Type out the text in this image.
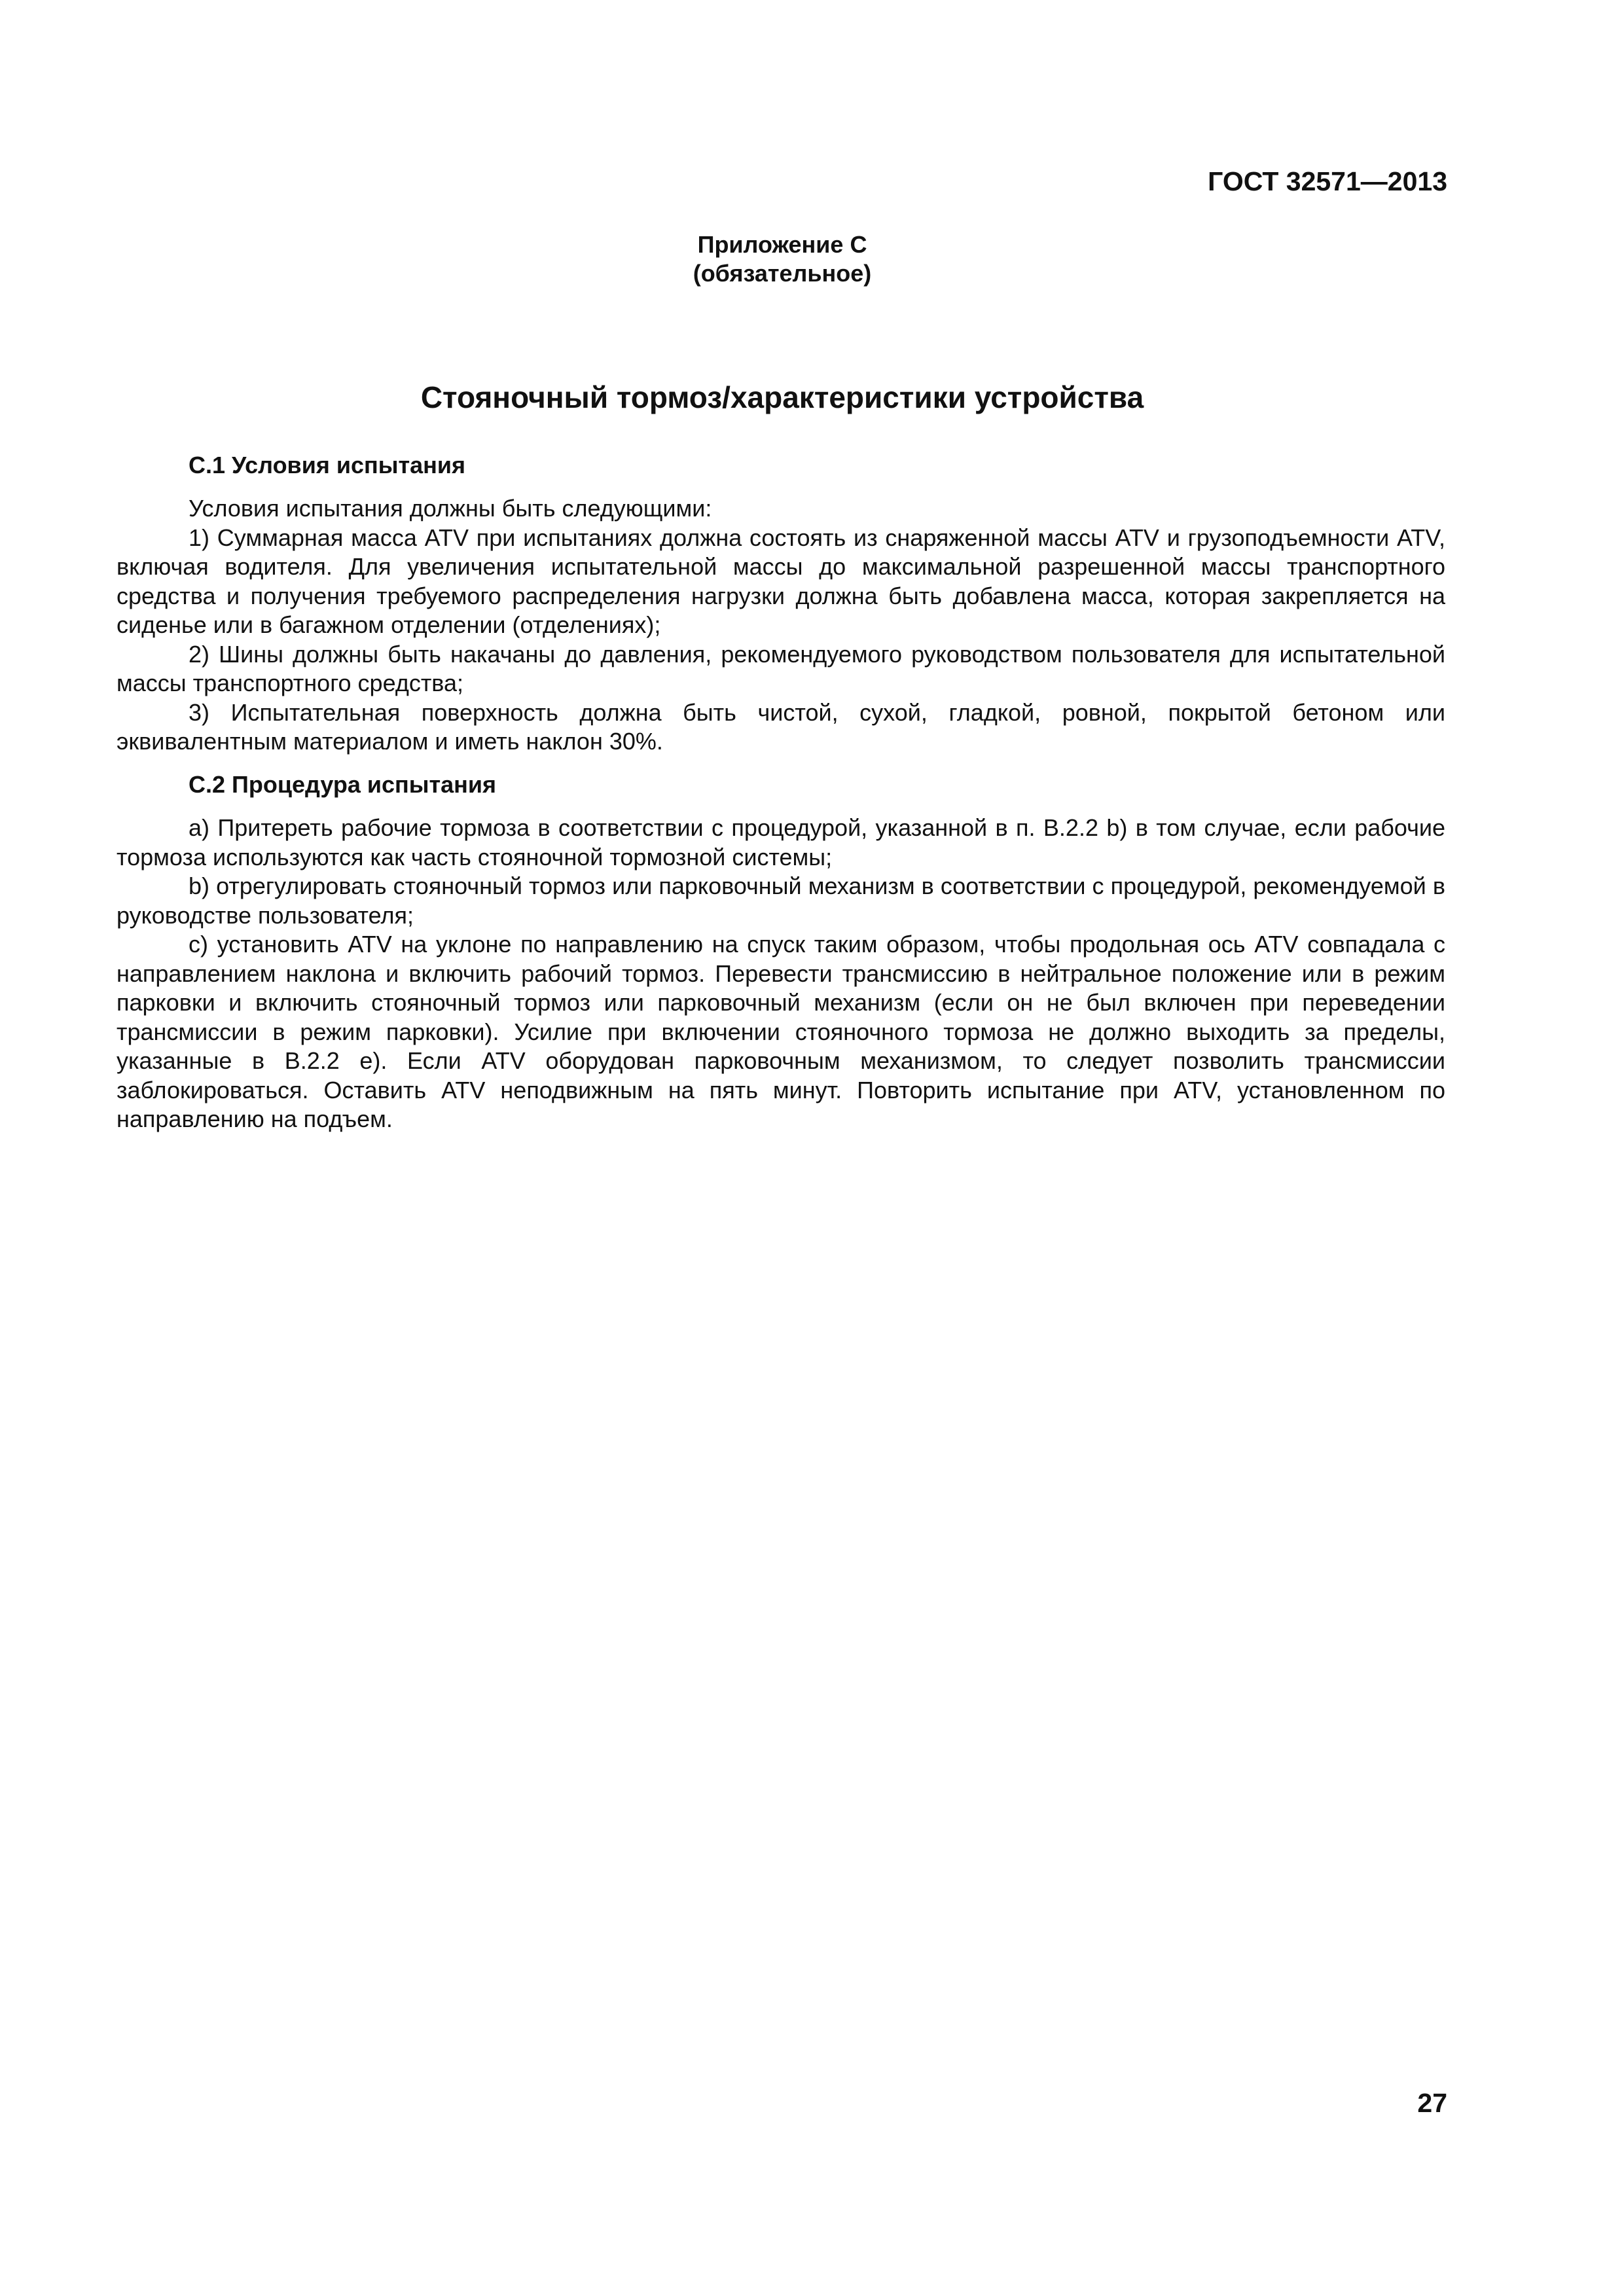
ГОСТ 32571—2013
Приложение С
(обязательное)
Стояночный тормоз/характеристики устройства
С.1 Условия испытания

Условия испытания должны быть следующими:

1) Суммарная масса ATV при испытаниях должна состоять из снаряженной массы ATV и грузоподъемности ATV, включая водителя. Для увеличения испытательной массы до максимальной разрешенной массы транспортного средства и получения требуемого распределения нагрузки должна быть добавлена масса, которая закрепляется на сиденье или в багажном отделении (отделениях);

2) Шины должны быть накачаны до давления, рекомендуемого руководством пользователя для испытательной массы транспортного средства;

3) Испытательная поверхность должна быть чистой, сухой, гладкой, ровной, покрытой бетоном или эквивалентным материалом и иметь наклон 30%.

С.2 Процедура испытания

а) Притереть рабочие тормоза в соответствии с процедурой, указанной в п. В.2.2 b) в том случае, если рабочие тормоза используются как часть стояночной тормозной системы;

b) отрегулировать стояночный тормоз или парковочный механизм в соответствии с процедурой, рекомендуемой в руководстве пользователя;

с) установить ATV на уклоне по направлению на спуск таким образом, чтобы продольная ось ATV совпадала с направлением наклона и включить рабочий тормоз. Перевести трансмиссию в нейтральное положение или в режим парковки и включить стояночный тормоз или парковочный механизм (если он не был включен при переведении трансмиссии в режим парковки). Усилие при включении стояночного тормоза не должно выходить за пределы, указанные в В.2.2 е). Если ATV оборудован парковочным механизмом, то следует позволить трансмиссии заблокироваться. Оставить ATV неподвижным на пять минут. Повторить испытание при ATV, установленном по направлению на подъем.

27
